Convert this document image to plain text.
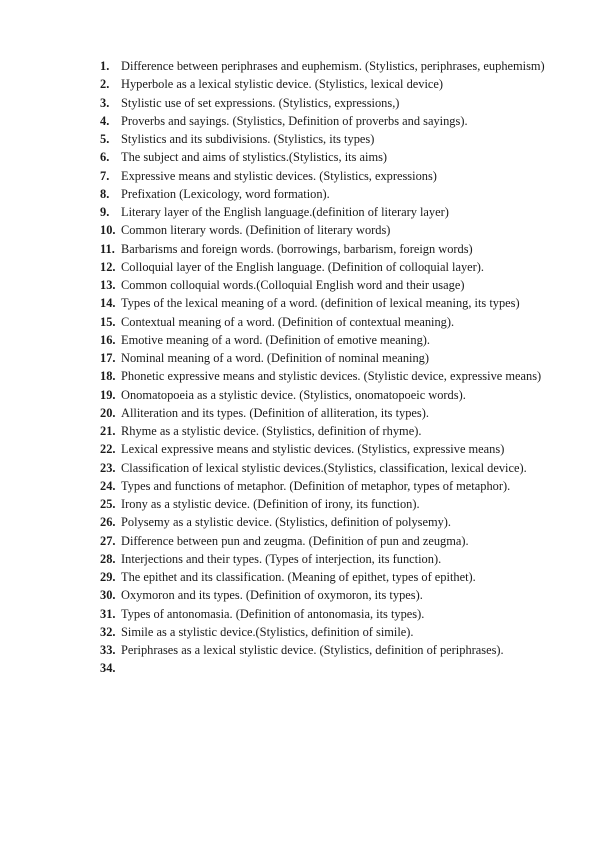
1. Difference between periphrases and euphemism. (Stylistics, periphrases, euphemism)
2. Hyperbole as a lexical stylistic device. (Stylistics, lexical device)
3. Stylistic use of set expressions. (Stylistics, expressions,)
4. Proverbs and sayings. (Stylistics, Definition of proverbs and sayings).
5. Stylistics and its subdivisions. (Stylistics, its types)
6. The subject and aims of stylistics.(Stylistics, its aims)
7. Expressive means and stylistic devices. (Stylistics, expressions)
8. Prefixation (Lexicology, word formation).
9. Literary layer of the English language.(definition of literary layer)
10. Common literary words. (Definition of literary words)
11. Barbarisms and foreign words. (borrowings, barbarism, foreign words)
12. Colloquial layer of the English language. (Definition of colloquial layer).
13. Common colloquial words.(Colloquial English word and their usage)
14. Types of the lexical meaning of a word. (definition of lexical meaning, its types)
15. Contextual meaning of a word. (Definition of contextual meaning).
16. Emotive meaning of a word. (Definition of emotive meaning).
17. Nominal meaning of a word. (Definition of nominal meaning)
18. Phonetic expressive means and stylistic devices. (Stylistic device, expressive means)
19. Onomatopoeia as a stylistic device. (Stylistics, onomatopoeic words).
20. Alliteration and its types. (Definition of alliteration, its types).
21. Rhyme as a stylistic device. (Stylistics, definition of rhyme).
22. Lexical expressive means and stylistic devices. (Stylistics, expressive means)
23. Classification of lexical stylistic devices.(Stylistics, classification, lexical device).
24. Types and functions of metaphor. (Definition of metaphor, types of metaphor).
25. Irony as a stylistic device. (Definition of irony, its function).
26. Polysemy as a stylistic device. (Stylistics, definition of polysemy).
27. Difference between pun and zeugma. (Definition of pun and zeugma).
28. Interjections and their types. (Types of interjection, its function).
29. The epithet and its classification. (Meaning of epithet, types of epithet).
30. Oxymoron and its types. (Definition of oxymoron, its types).
31. Types of antonomasia. (Definition of antonomasia, its types).
32. Simile as a stylistic device.(Stylistics, definition of simile).
33. Periphrases as a lexical stylistic device. (Stylistics, definition of periphrases).
34.
